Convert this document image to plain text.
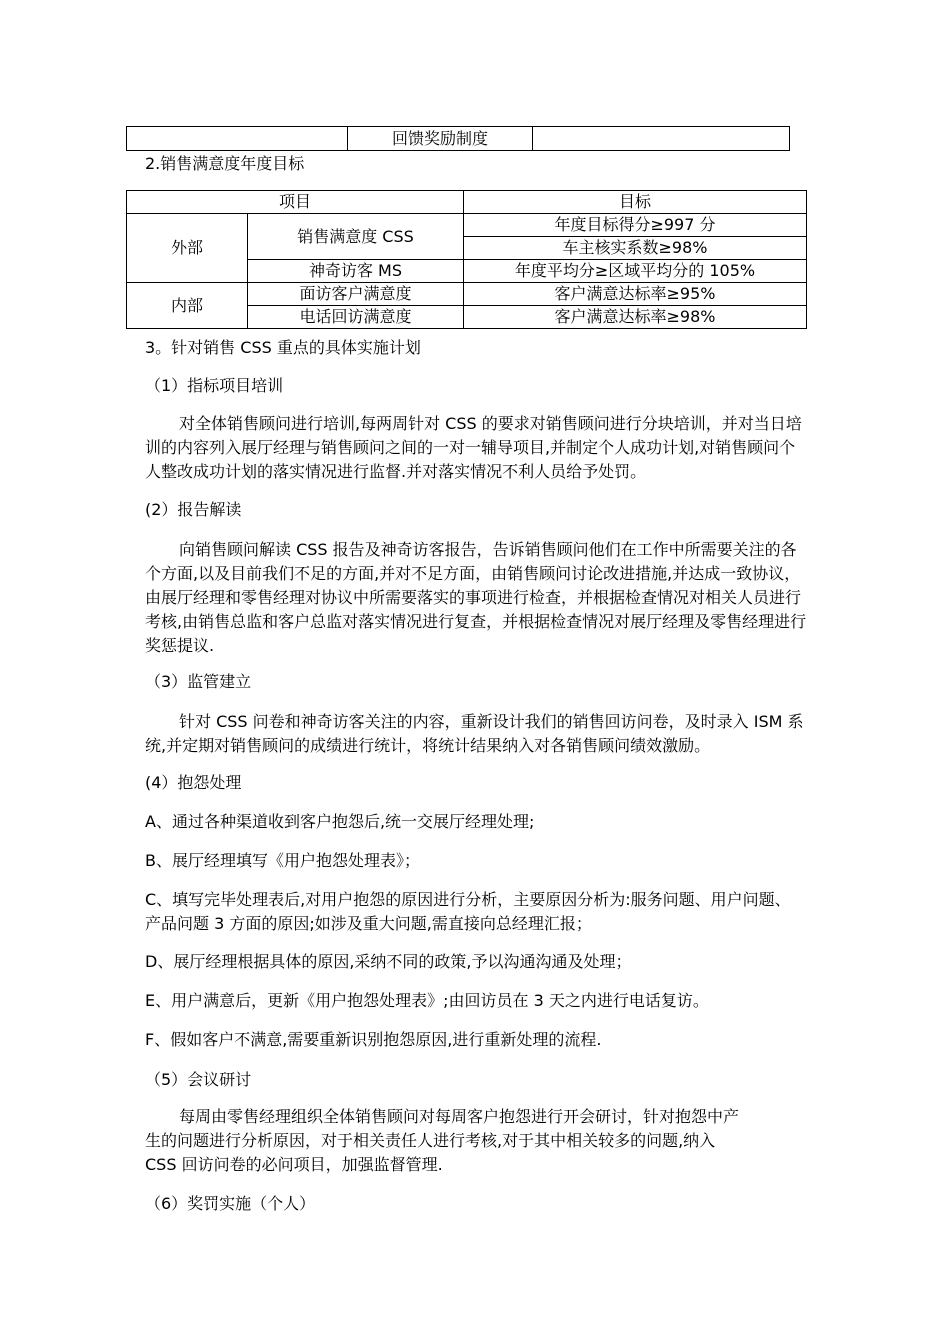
	回馈奖励制度	

2.销售满意度年度目标

项目		目标
外部	销售满意度 CSS	年度目标得分≥997 分
		车主核实系数≥98%
	神奇访客 MS	年度平均分≥区域平均分的 105%
内部	面访客户满意度	客户满意达标率≥95%
	电话回访满意度	客户满意达标率≥98%

3。针对销售 CSS 重点的具体实施计划

（1）指标项目培训

对全体销售顾问进行培训,每两周针对 CSS 的要求对销售顾问进行分块培训，并对当日培训的内容列入展厅经理与销售顾问之间的一对一辅导项目,并制定个人成功计划,对销售顾问个人整改成功计划的落实情况进行监督.并对落实情况不利人员给予处罚。

(2）报告解读

向销售顾问解读 CSS 报告及神奇访客报告，告诉销售顾问他们在工作中所需要关注的各个方面,以及目前我们不足的方面,并对不足方面，由销售顾问讨论改进措施,并达成一致协议，由展厅经理和零售经理对协议中所需要落实的事项进行检查，并根据检查情况对相关人员进行考核,由销售总监和客户总监对落实情况进行复查，并根据检查情况对展厅经理及零售经理进行奖惩提议.

（3）监管建立

针对 CSS 问卷和神奇访客关注的内容，重新设计我们的销售回访问卷，及时录入 ISM 系统,并定期对销售顾问的成绩进行统计，将统计结果纳入对各销售顾问绩效激励。

(4）抱怨处理

A、通过各种渠道收到客户抱怨后,统一交展厅经理处理;

B、展厅经理填写《用户抱怨处理表》；

C、填写完毕处理表后,对用户抱怨的原因进行分析，主要原因分析为:服务问题、用户问题、产品问题 3 方面的原因;如涉及重大问题,需直接向总经理汇报；

D、展厅经理根据具体的原因,采纳不同的政策,予以沟通沟通及处理；

E、用户满意后，更新《用户抱怨处理表》;由回访员在 3 天之内进行电话复访。

F、假如客户不满意,需要重新识别抱怨原因,进行重新处理的流程.

（5）会议研讨

每周由零售经理组织全体销售顾问对每周客户抱怨进行开会研讨，针对抱怨中产

生的问题进行分析原因，对于相关责任人进行考核,对于其中相关较多的问题,纳入

CSS 回访问卷的必问项目，加强监督管理.

（6）奖罚实施（个人）
